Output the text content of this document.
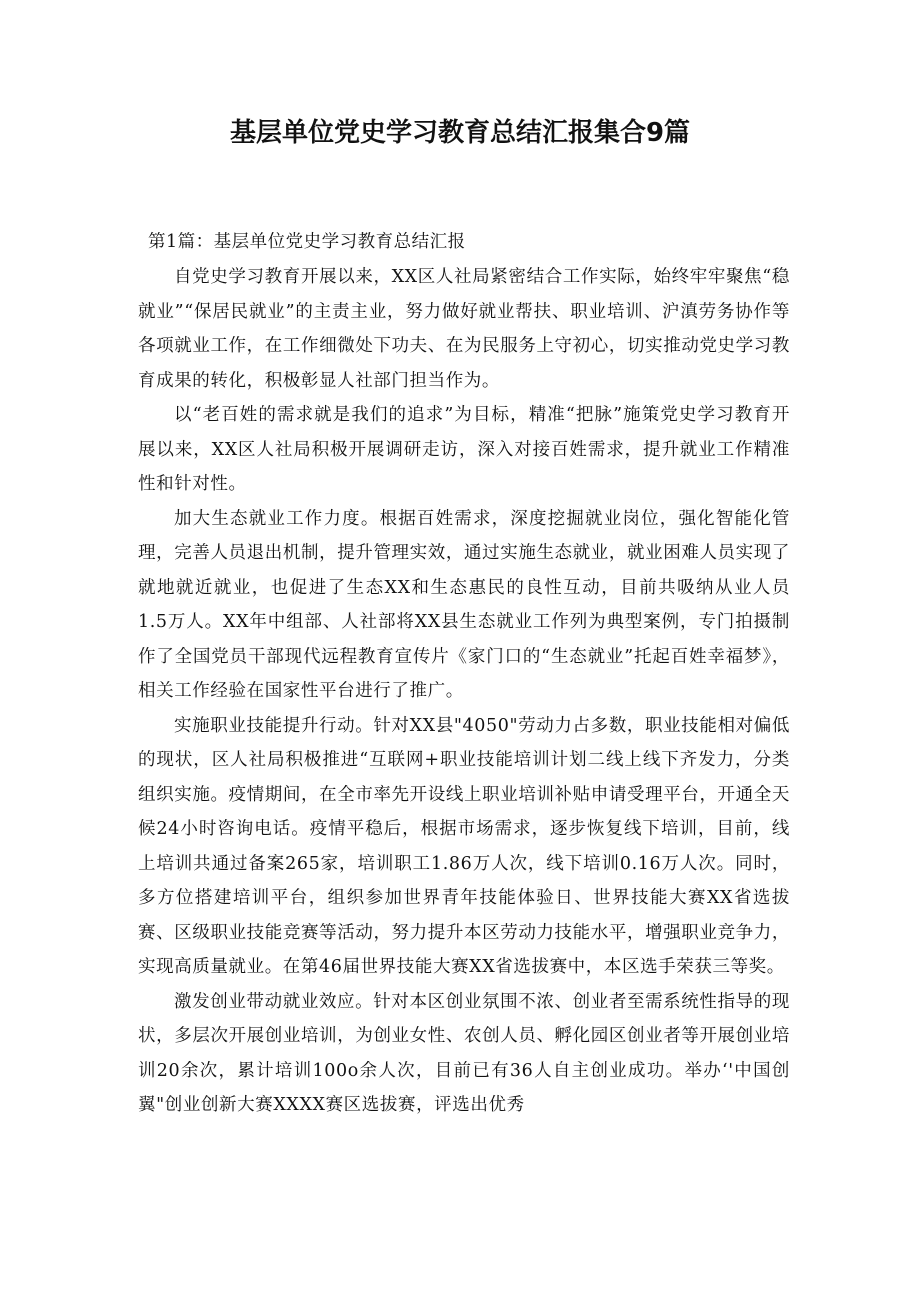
基层单位党史学习教育总结汇报集合9篇

第1篇：基层单位党史学习教育总结汇报

自党史学习教育开展以来，XX区人社局紧密结合工作实际，始终牢牢聚焦“稳就业”“保居民就业”的主责主业，努力做好就业帮扶、职业培训、沪滇劳务协作等各项就业工作，在工作细微处下功夫、在为民服务上守初心，切实推动党史学习教育成果的转化，积极彰显人社部门担当作为。

以“老百姓的需求就是我们的追求”为目标，精准“把脉”施策党史学习教育开展以来，XX区人社局积极开展调研走访，深入对接百姓需求，提升就业工作精准性和针对性。

加大生态就业工作力度。根据百姓需求，深度挖掘就业岗位，强化智能化管理，完善人员退出机制，提升管理实效，通过实施生态就业，就业困难人员实现了就地就近就业，也促进了生态XX和生态惠民的良性互动，目前共吸纳从业人员1.5万人。XX年中组部、人社部将XX县生态就业工作列为典型案例，专门拍摄制作了全国党员干部现代远程教育宣传片《家门口的“生态就业”托起百姓幸福梦》，相关工作经验在国家性平台进行了推广。

实施职业技能提升行动。针对XX县"4050"劳动力占多数，职业技能相对偏低的现状，区人社局积极推进“互联网+职业技能培训计划二线上线下齐发力，分类组织实施。疫情期间，在全市率先开设线上职业培训补贴申请受理平台，开通全天候24小时咨询电话。疫情平稳后，根据市场需求，逐步恢复线下培训，目前，线上培训共通过备案265家，培训职工1.86万人次，线下培训0.16万人次。同时，多方位搭建培训平台，组织参加世界青年技能体验日、世界技能大赛XX省选拔赛、区级职业技能竞赛等活动，努力提升本区劳动力技能水平，增强职业竞争力，实现高质量就业。在第46届世界技能大赛XX省选拔赛中，本区选手荣获三等奖。

激发创业带动就业效应。针对本区创业氛围不浓、创业者至需系统性指导的现状，多层次开展创业培训，为创业女性、农创人员、孵化园区创业者等开展创业培训20余次，累计培训100o余人次，目前已有36人自主创业成功。举办‘'中国创翼"创业创新大赛XXXX赛区选拔赛，评选出优秀
